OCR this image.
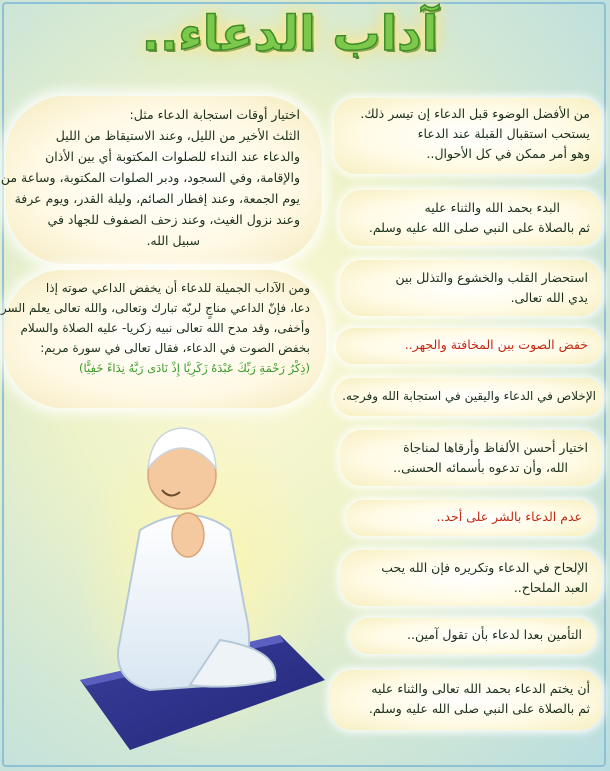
آداب الدعاء..
اختيار أوقات استجابة الدعاء مثل:
الثلث الأخير من الليل، وعند الاستيقاظ من الليل
والدعاء عند النداء للصلوات المكتوبة أي بين الأذان
والإقامة، وفي السجود، ودبر الصلوات المكتوبة، وساعة من
يوم الجمعة، وعند إفطار الصائم، وليلة القدر، ويوم عرفة
وعند نزول الغيث، وعند زحف الصفوف للجهاد في
سبيل الله.
ومن الآداب الجميلة للدعاء أن يخفض الداعي صوته إذا
دعا، فإنّ الداعي مناجٍ لربّه تبارك وتعالى، والله تعالى يعلم السر
وأخفى، وقد مدح الله تعالى نبيه زكريا- عليه الصلاة والسلام
بخفض الصوت في الدعاء، فقال تعالى في سورة مريم:
(ذِكْرُ رَحْمَةِ رَبِّكَ عَبْدَهُ زَكَرِيَّا إِذْ نَادَى رَبَّهُ نِدَاءً خَفِيًّا)
من الأفضل الوضوء قبل الدعاء إن تيسر ذلك.
يستحب استقبال القبلة عند الدعاء
وهو أمر ممكن في كل الأحوال..
البدء بحمد الله والثناء عليه
ثم بالصلاة على النبي صلى الله عليه وسلم.
استحضار القلب والخشوع والتذلل بين
يدي الله تعالى.
خفض الصوت بين المخافتة والجهر..
الإخلاص في الدعاء واليقين في استجابة الله وفرجه.
اختيار أحسن الألفاظ وأرقاها لمناجاة
الله، وأن تدعوه بأسمائه الحسنى..
عدم الدعاء بالشر على أحد..
الإلحاح في الدعاء وتكريره فإن الله يحب
العبد الملحاح..
التأمين بعدا لدعاء بأن تقول آمين..
أن يختم الدعاء بحمد الله تعالى والثناء عليه
ثم بالصلاة على النبي صلى الله عليه وسلم.
